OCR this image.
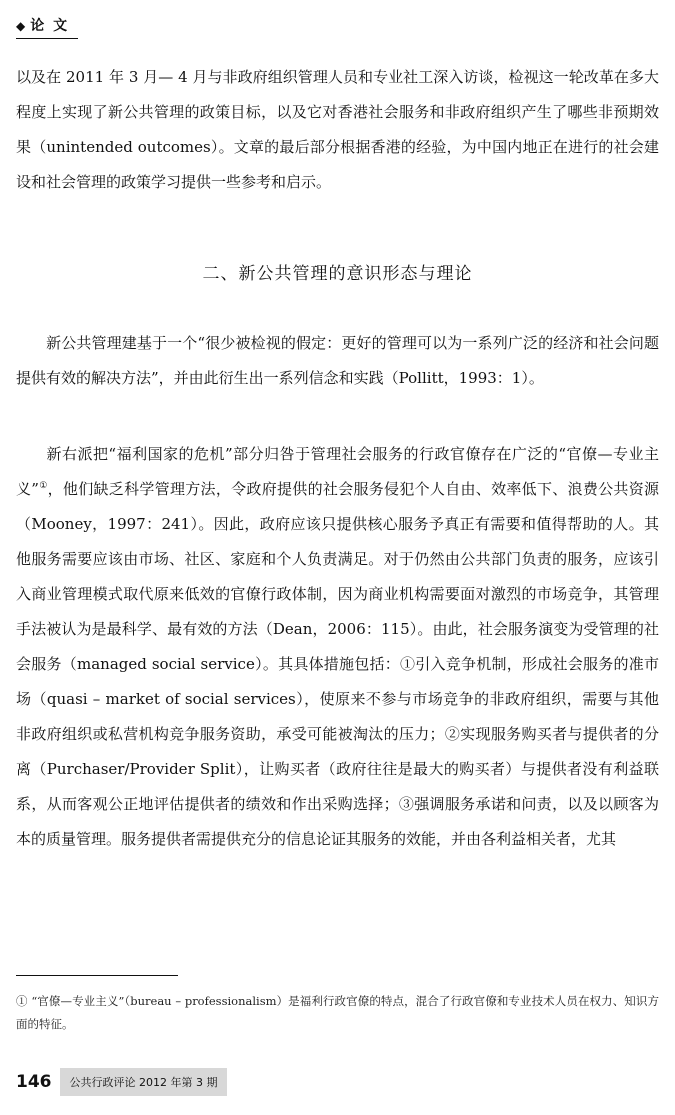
◆ 论 文

以及在 2011 年 3 月— 4 月与非政府组织管理人员和专业社工深入访谈，检视这一轮改革在多大程度上实现了新公共管理的政策目标，以及它对香港社会服务和非政府组织产生了哪些非预期效果（unintended outcomes）。文章的最后部分根据香港的经验，为中国内地正在进行的社会建设和社会管理的政策学习提供一些参考和启示。

二、新公共管理的意识形态与理论

新公共管理建基于一个“很少被检视的假定：更好的管理可以为一系列广泛的经济和社会问题提供有效的解决方法”，并由此衍生出一系列信念和实践（Pollitt，1993：1）。

新右派把“福利国家的危机”部分归咎于管理社会服务的行政官僚存在广泛的“官僚—专业主义”①，他们缺乏科学管理方法，令政府提供的社会服务侵犯个人自由、效率低下、浪费公共资源（Mooney，1997：241）。因此，政府应该只提供核心服务予真正有需要和值得帮助的人。其他服务需要应该由市场、社区、家庭和个人负责满足。对于仍然由公共部门负责的服务，应该引入商业管理模式取代原来低效的官僚行政体制，因为商业机构需要面对激烈的市场竞争，其管理手法被认为是最科学、最有效的方法（Dean，2006：115）。由此，社会服务演变为受管理的社会服务（managed social service）。其具体措施包括：①引入竞争机制，形成社会服务的准市场（quasi – market of social services），使原来不参与市场竞争的非政府组织，需要与其他非政府组织或私营机构竞争服务资助，承受可能被淘汰的压力；②实现服务购买者与提供者的分离（Purchaser/Provider Split），让购买者（政府往往是最大的购买者）与提供者没有利益联系，从而客观公正地评估提供者的绩效和作出采购选择；③强调服务承诺和问责，以及以顾客为本的质量管理。服务提供者需提供充分的信息论证其服务的效能，并由各利益相关者，尤其

① “官僚—专业主义”（bureau – professionalism）是福利行政官僚的特点，混合了行政官僚和专业技术人员在权力、知识方面的特征。

146	公共行政评论 2012 年第 3 期
